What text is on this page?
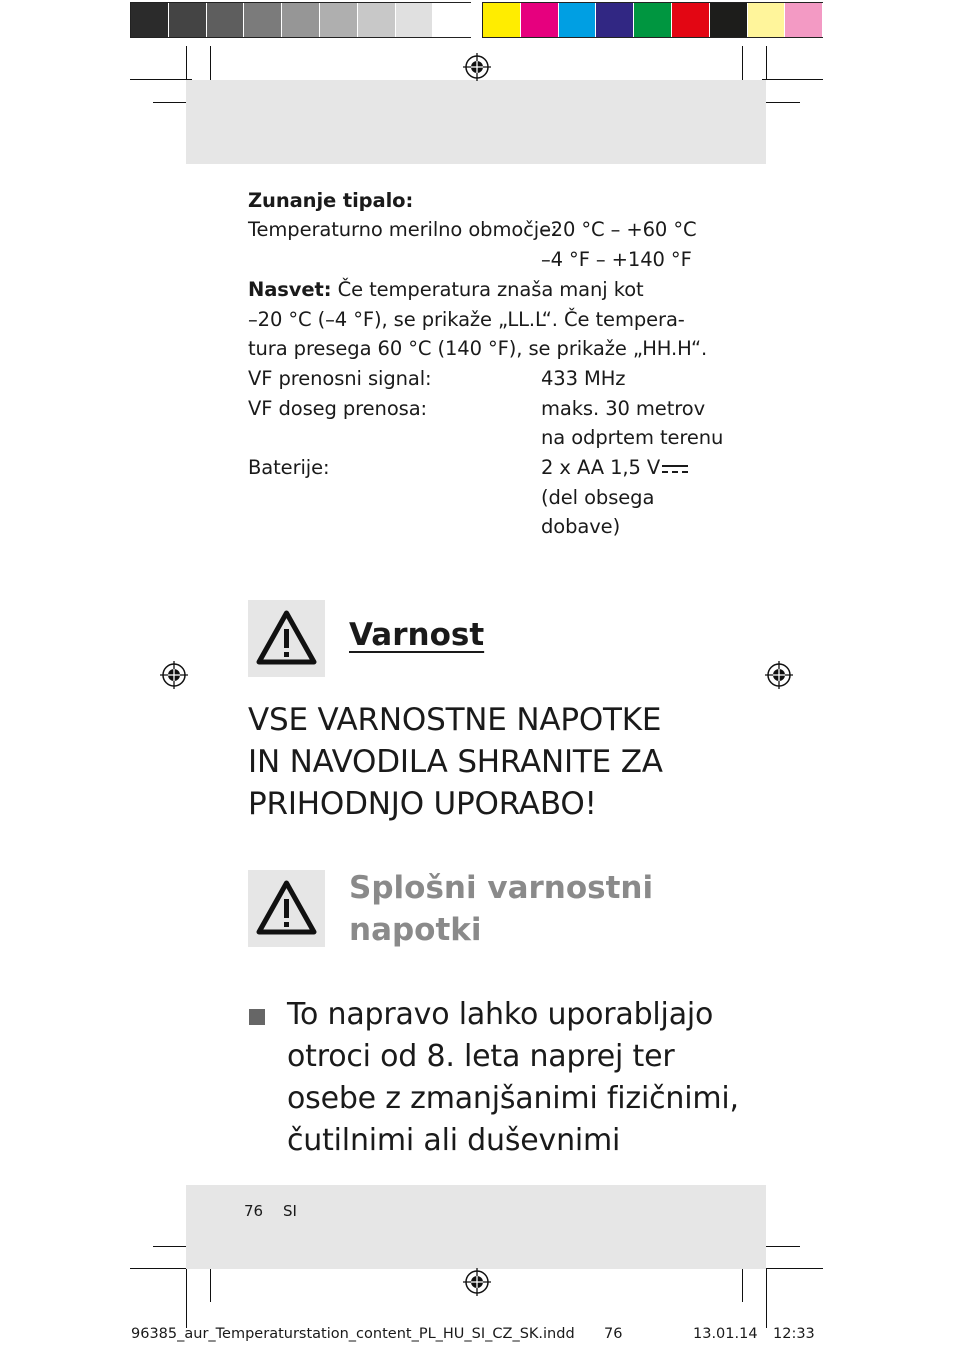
Zunanje tipalo:
Temperaturno merilno območje:
–20 °C – +60 °C
–4 °F – +140 °F
Nasvet: Če temperatura znaša manj kot
–20 °C (–4 °F), se prikaže „LL.L“. Če tempera-
tura presega 60 °C (140 °F), se prikaže „HH.H“.
VF prenosni signal:	433 MHz
VF doseg prenosa:	maks. 30 metrov
na odprtem terenu
Baterije:	2 x AA 1,5 V
(del obsega
dobave)
Varnost
VSE VARNOSTNE NAPOTKE
IN NAVODILA SHRANITE ZA
PRIHODNJO UPORABO!
Splošni varnostni
napotki
To napravo lahko uporabljajo
otroci od 8. leta naprej ter
osebe z zmanjšanimi fizičnimi,
čutilnimi ali duševnimi
76 SI
96385_aur_Temperaturstation_content_PL_HU_SI_CZ_SK.indd 76	13.01.14 12:33
